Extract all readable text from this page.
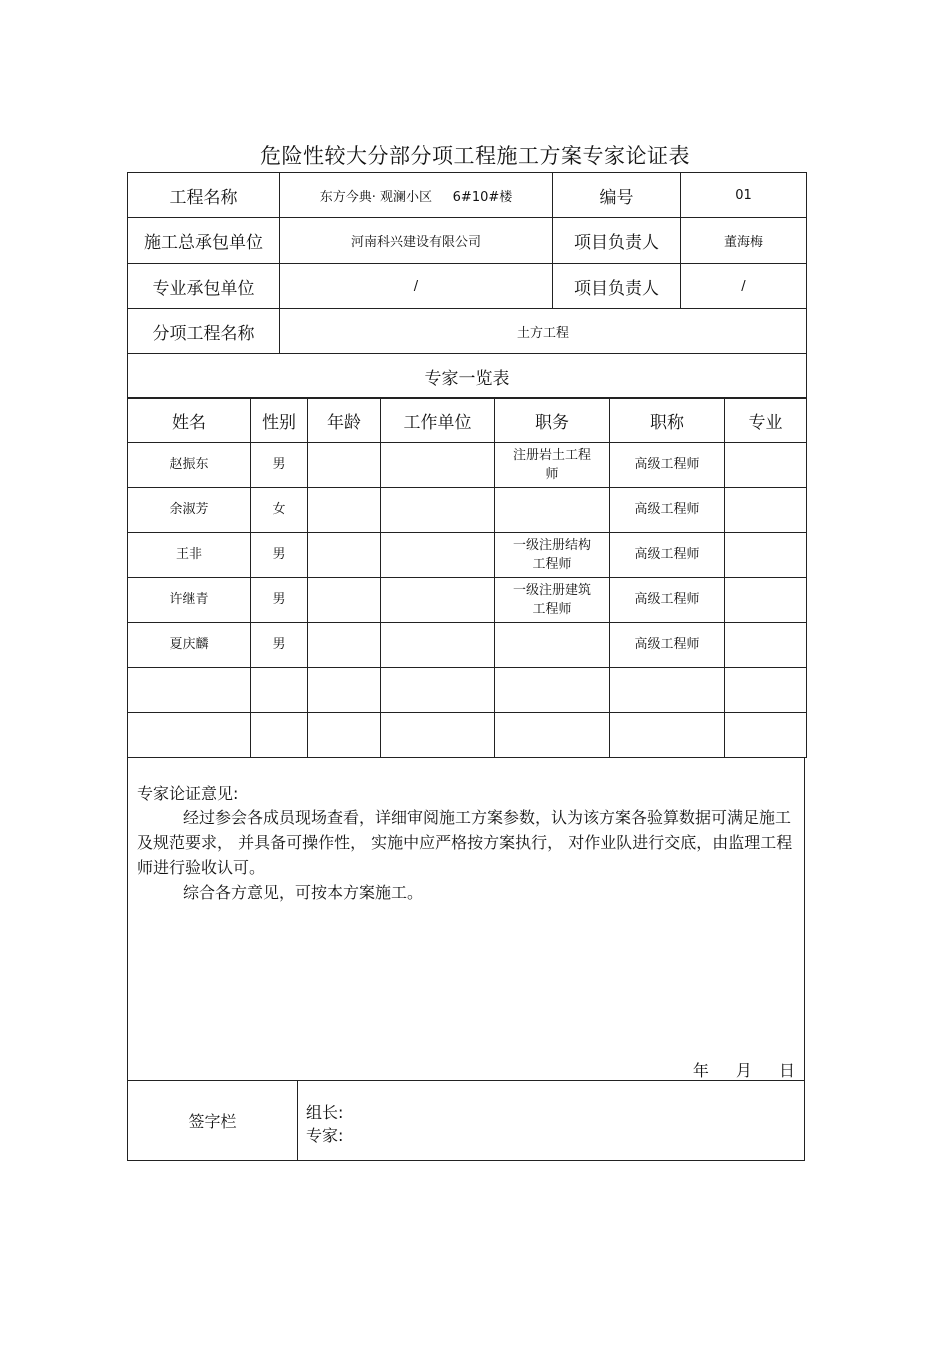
危险性较大分部分项工程施工方案专家论证表
工程名称	东方今典· 观澜小区     6#10#楼	编号	01
施工总承包单位	河南科兴建设有限公司	项目负责人	董海梅
专业承包单位	/	项目负责人	/
分项工程名称	土方工程		
专家一览表			
姓名	性别	年龄	工作单位	职务	职称	专业
赵振东	男			注册岩土工程师	高级工程师	
余淑芳	女				高级工程师	
王非	男			一级注册结构工程师	高级工程师	
许继青	男			一级注册建筑工程师	高级工程师	
夏庆麟	男				高级工程师	

专家论证意见:

经过参会各成员现场查看，详细审阅施工方案参数，认为该方案各验算数据可满足施工及规范要求， 并具备可操作性， 实施中应严格按方案执行， 对作业队进行交底，由监理工程师进行验收认可。

综合各方意见，可按本方案施工。

年 月 日
签字栏	组长:
专家:
